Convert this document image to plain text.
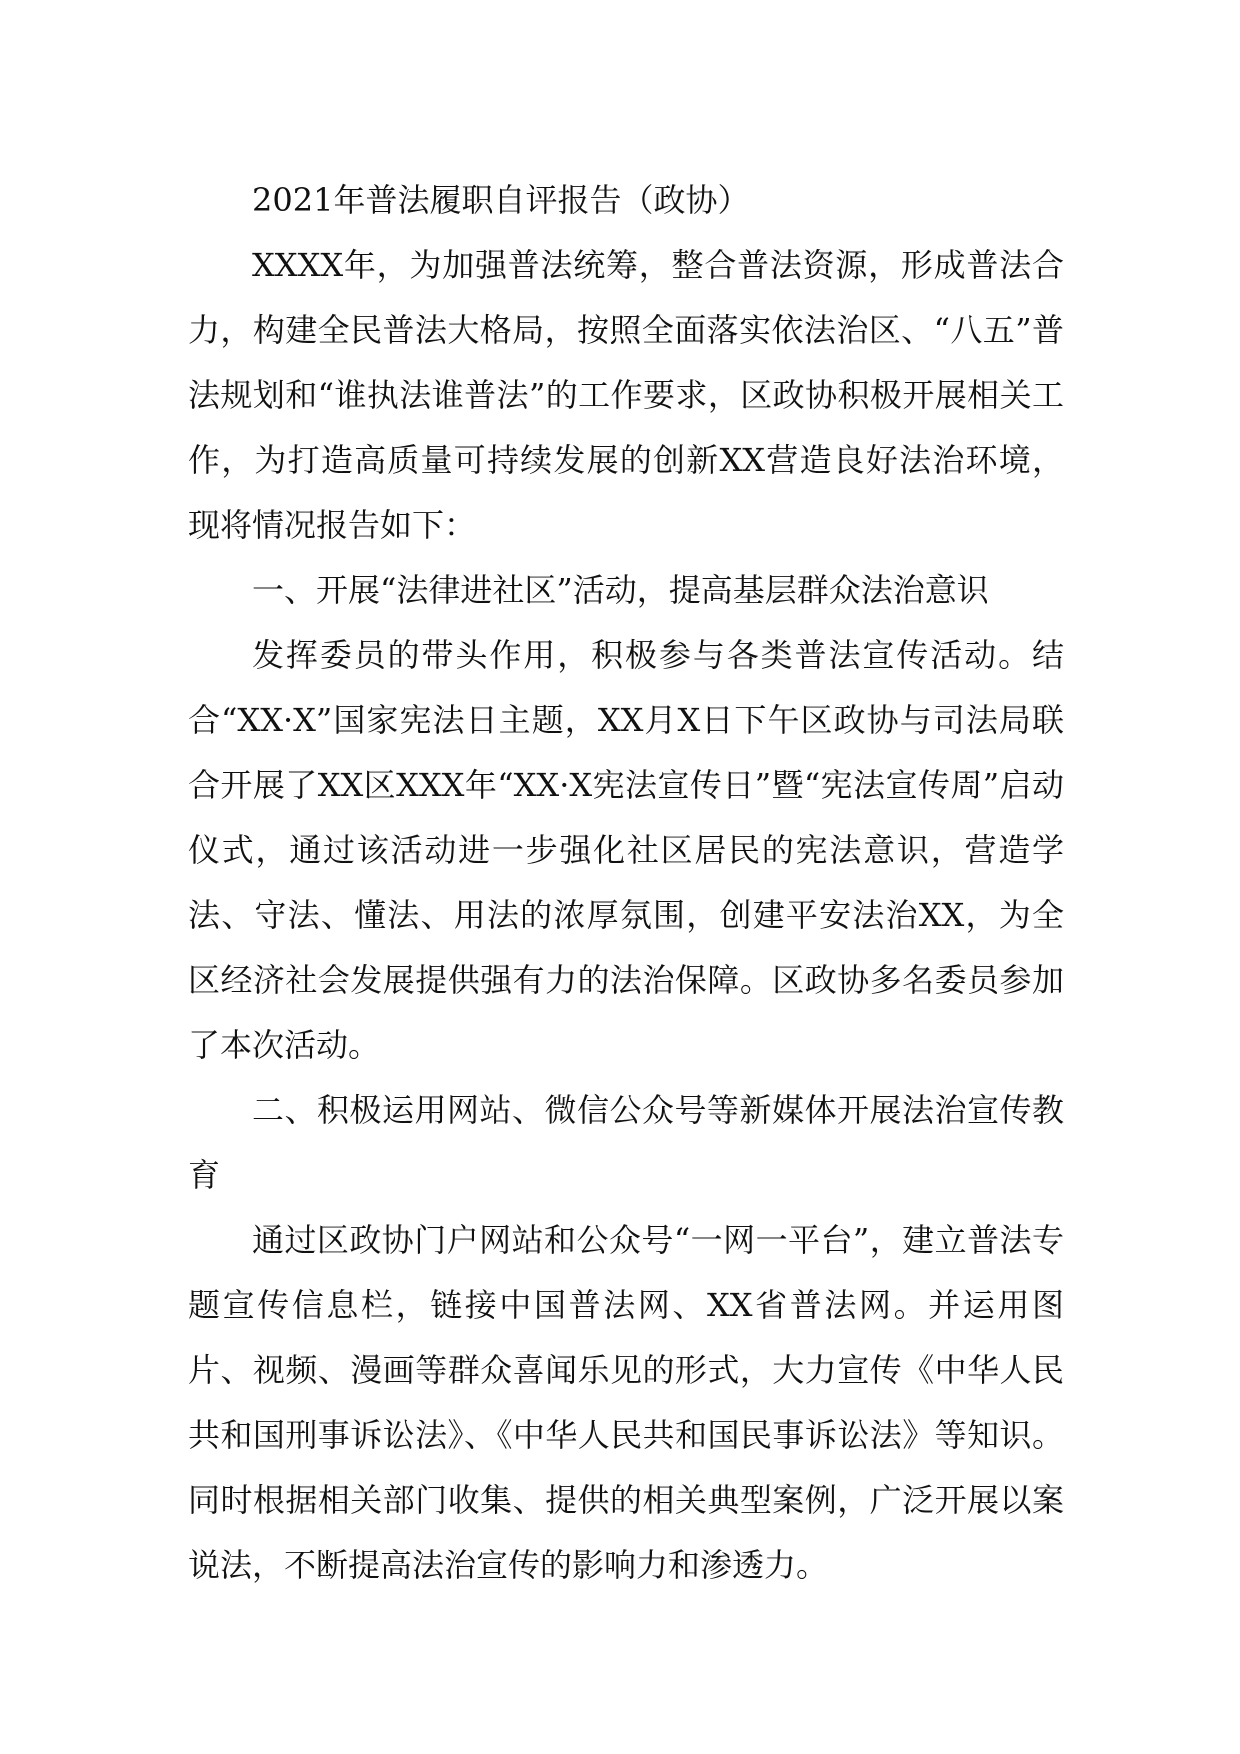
2021年普法履职自评报告（政协）

XXXX年，为加强普法统筹，整合普法资源，形成普法合力，构建全民普法大格局，按照全面落实依法治区、“八五”普法规划和“谁执法谁普法”的工作要求，区政协积极开展相关工作，为打造高质量可持续发展的创新XX营造良好法治环境，现将情况报告如下：

一、开展“法律进社区”活动，提高基层群众法治意识

发挥委员的带头作用，积极参与各类普法宣传活动。结合“XX·X”国家宪法日主题，XX月X日下午区政协与司法局联合开展了XX区XXX年“XX·X宪法宣传日”暨“宪法宣传周”启动仪式，通过该活动进一步强化社区居民的宪法意识，营造学法、守法、懂法、用法的浓厚氛围，创建平安法治XX，为全区经济社会发展提供强有力的法治保障。区政协多名委员参加了本次活动。

二、积极运用网站、微信公众号等新媒体开展法治宣传教育

通过区政协门户网站和公众号“一网一平台”，建立普法专题宣传信息栏，链接中国普法网、XX省普法网。并运用图片、视频、漫画等群众喜闻乐见的形式，大力宣传《中华人民共和国刑事诉讼法》、《中华人民共和国民事诉讼法》等知识。同时根据相关部门收集、提供的相关典型案例，广泛开展以案说法，不断提高法治宣传的影响力和渗透力。
